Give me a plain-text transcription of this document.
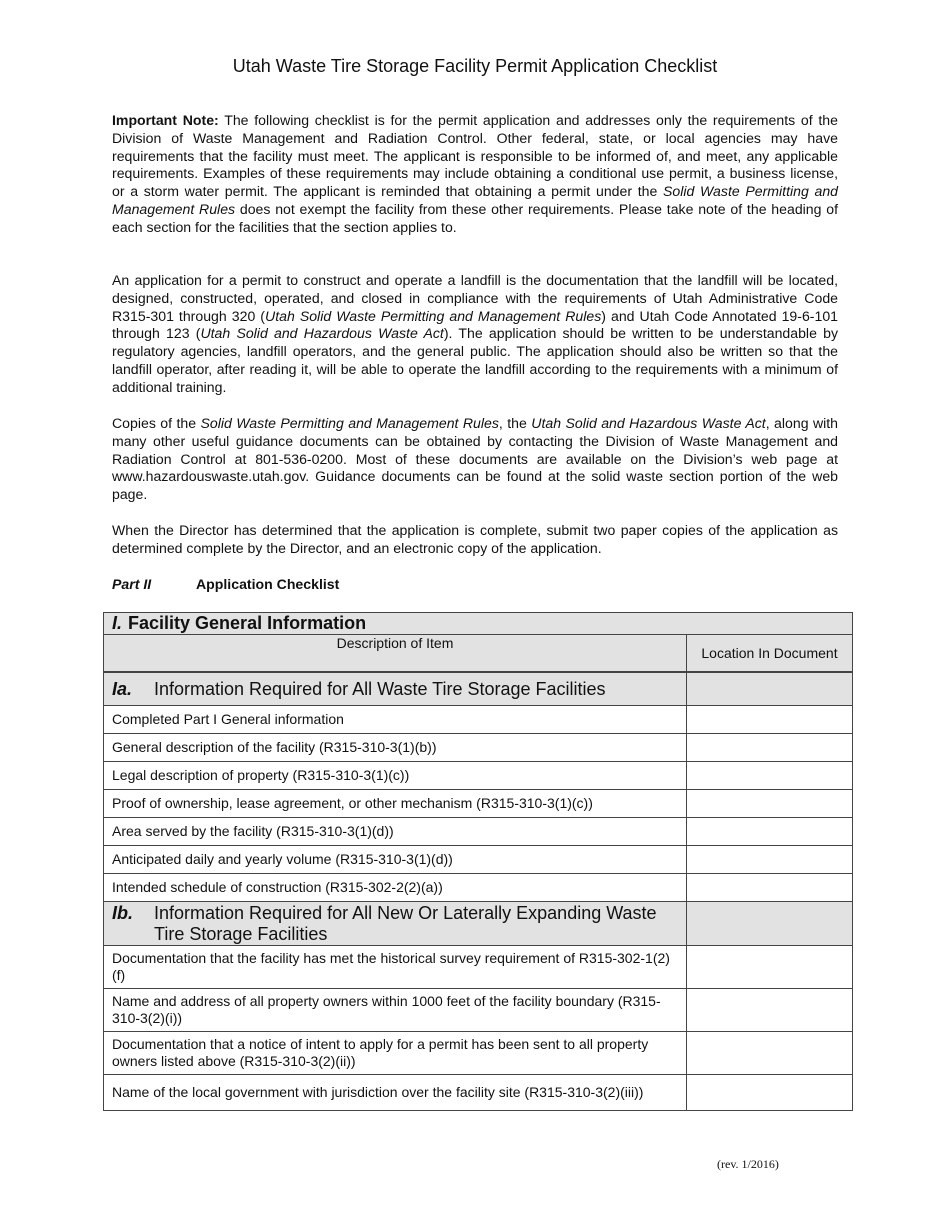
Utah Waste Tire Storage Facility Permit Application Checklist

Important Note: The following checklist is for the permit application and addresses only the requirements of the Division of Waste Management and Radiation Control. Other federal, state, or local agencies may have requirements that the facility must meet. The applicant is responsible to be informed of, and meet, any applicable requirements. Examples of these requirements may include obtaining a conditional use permit, a business license, or a storm water permit. The applicant is reminded that obtaining a permit under the Solid Waste Permitting and Management Rules does not exempt the facility from these other requirements. Please take note of the heading of each section for the facilities that the section applies to.

An application for a permit to construct and operate a landfill is the documentation that the landfill will be located, designed, constructed, operated, and closed in compliance with the requirements of Utah Administrative Code R315-301 through 320 (Utah Solid Waste Permitting and Management Rules) and Utah Code Annotated 19-6-101 through 123 (Utah Solid and Hazardous Waste Act). The application should be written to be understandable by regulatory agencies, landfill operators, and the general public. The application should also be written so that the landfill operator, after reading it, will be able to operate the landfill according to the requirements with a minimum of additional training.

Copies of the Solid Waste Permitting and Management Rules, the Utah Solid and Hazardous Waste Act, along with many other useful guidance documents can be obtained by contacting the Division of Waste Management and Radiation Control at 801-536-0200. Most of these documents are available on the Division’s web page at www.hazardouswaste.utah.gov. Guidance documents can be found at the solid waste section portion of the web page.

When the Director has determined that the application is complete, submit two paper copies of the application as determined complete by the Director, and an electronic copy of the application.

Part II	Application Checklist
I. Facility General Information	
Description of Item	Location In Document
Ia. Information Required for All Waste Tire Storage Facilities	
Completed Part I General information	
General description of the facility (R315-310-3(1)(b))	
Legal description of property (R315-310-3(1)(c))	
Proof of ownership, lease agreement, or other mechanism (R315-310-3(1)(c))	
Area served by the facility (R315-310-3(1)(d))	
Anticipated daily and yearly volume (R315-310-3(1)(d))	
Intended schedule of construction (R315-302-2(2)(a))	
Ib. Information Required for All New Or Laterally Expanding Waste Tire Storage Facilities	
Documentation that the facility has met the historical survey requirement of R315-302-1(2)(f)	
Name and address of all property owners within 1000 feet of the facility boundary (R315-310-3(2)(i))	
Documentation that a notice of intent to apply for a permit has been sent to all property owners listed above (R315-310-3(2)(ii))	
Name of the local government with jurisdiction over the facility site (R315-310-3(2)(iii))	
(rev. 1/2016)
